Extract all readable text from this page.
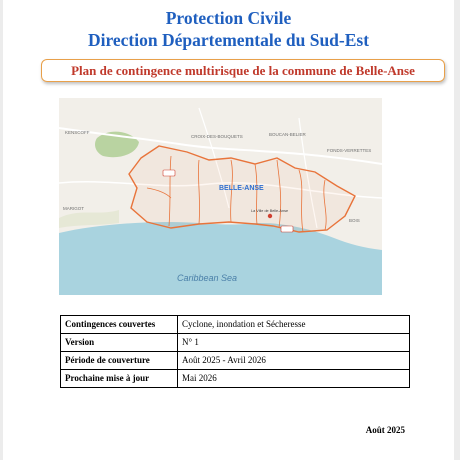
Protection Civile
Direction Départementale du Sud-Est
Plan de contingence multirisque de la commune de Belle-Anse
KENSCOFF
CROIX-DES-BOUQUETS	BOUCAN-BELIER
FONDS-VERRETTES
MARIGOT
BOIS
BELLE-ANSE
La Ville de Belle-Anse
Caribbean Sea
Contingences couvertes	Cyclone, inondation et Sécheresse
Version	N° 1
Période de couverture	Août 2025 - Avril 2026
Prochaine mise à jour	Mai 2026
Août 2025
